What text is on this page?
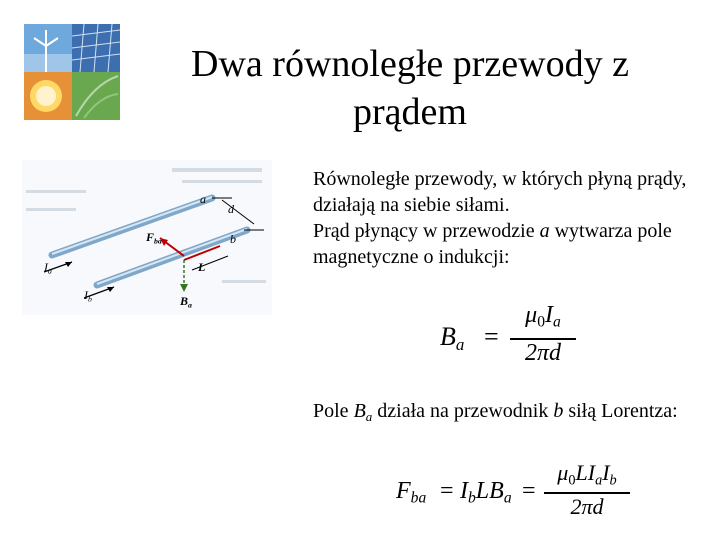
Dwa równoległe przewody z prądem
a
b
d
$F_{ba}$
L
$I_a$
$I_b$	$B_a$
Równoległe przewody, w których płyną prądy, działają na siebie siłami.
Prąd płynący w przewodzie a wytwarza pole magnetyczne o indukcji:
$B_a$ =
$\mu_0I_a$
2πd
Pole $B_a$ działa na przewodnik b siłą Lorentza:
$F_{ba} = I_bLB_a$ =
$\mu_0LI_aI_b$
2πd
